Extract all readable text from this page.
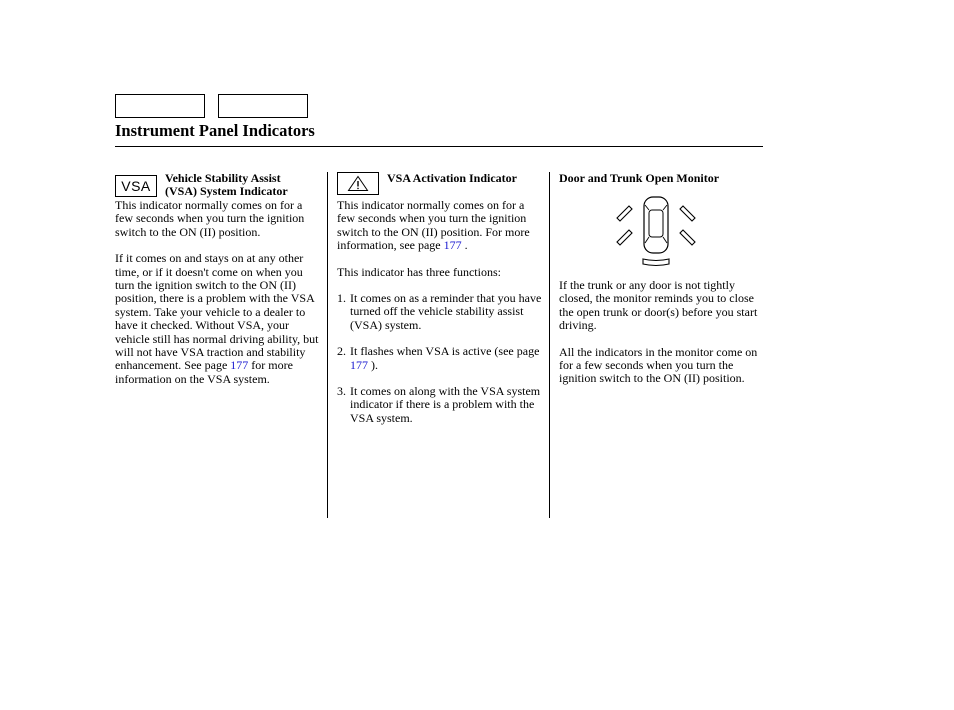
Instrument Panel Indicators
VSA	Vehicle Stability Assist
(VSA) System Indicator

This indicator normally comes on for a few seconds when you turn the ignition switch to the ON (II) position.

If it comes on and stays on at any other time, or if it doesn't come on when you turn the ignition switch to the ON (II) position, there is a problem with the VSA system. Take your vehicle to a dealer to have it checked. Without VSA, your vehicle still has normal driving ability, but will not have VSA traction and stability enhancement. See page 177 for more information on the VSA system.

VSA Activation Indicator

This indicator normally comes on for a few seconds when you turn the ignition switch to the ON (II) position. For more information, see page 177 .

This indicator has three functions:

1. It comes on as a reminder that you have turned off the vehicle stability assist (VSA) system.
2. It flashes when VSA is active (see page 177 ).
3. It comes on along with the VSA system indicator if there is a problem with the VSA system.
Door and Trunk Open Monitor

If the trunk or any door is not tightly closed, the monitor reminds you to close the open trunk or door(s) before you start driving.

All the indicators in the monitor come on for a few seconds when you turn the ignition switch to the ON (II) position.
